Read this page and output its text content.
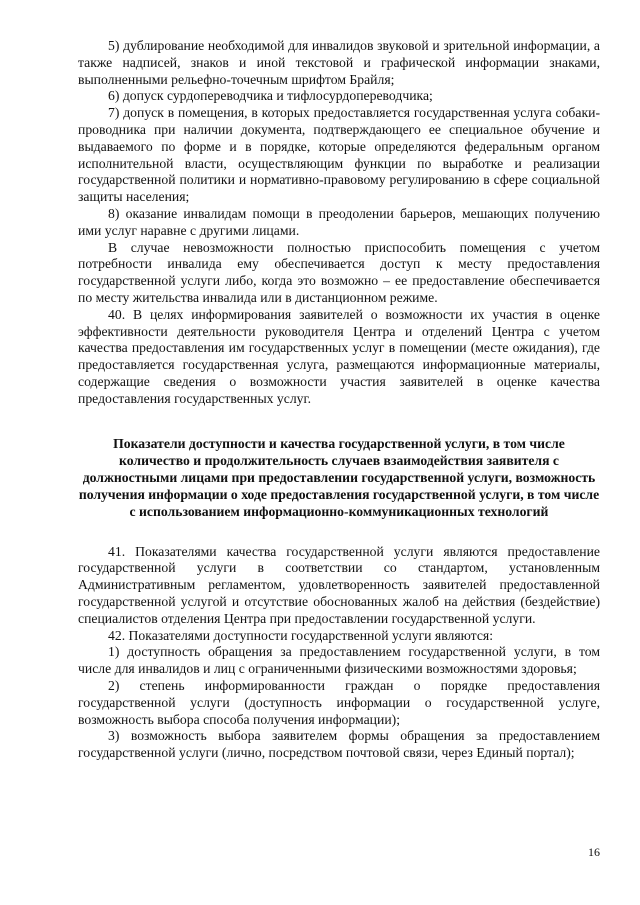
5) дублирование необходимой для инвалидов звуковой и зрительной информации, а также надписей, знаков и иной текстовой и графической информации знаками, выполненными рельефно-точечным шрифтом Брайля;

6) допуск сурдопереводчика и тифлосурдопереводчика;

7) допуск в помещения, в которых предоставляется государственная услуга собаки-проводника при наличии документа, подтверждающего ее специальное обучение и выдаваемого по форме и в порядке, которые определяются федеральным органом исполнительной власти, осуществляющим функции по выработке и реализации государственной политики и нормативно-правовому регулированию в сфере социальной защиты населения;

8) оказание инвалидам помощи в преодолении барьеров, мешающих получению ими услуг наравне с другими лицами.

В случае невозможности полностью приспособить помещения с учетом потребности инвалида ему обеспечивается доступ к месту предоставления государственной услуги либо, когда это возможно – ее предоставление обеспечивается по месту жительства инвалида или в дистанционном режиме.

40. В целях информирования заявителей о возможности их участия в оценке эффективности деятельности руководителя Центра и отделений Центра с учетом качества предоставления им государственных услуг в помещении (месте ожидания), где предоставляется государственная услуга, размещаются информационные материалы, содержащие сведения о возможности участия заявителей в оценке качества предоставления государственных услуг.

Показатели доступности и качества государственной услуги, в том числе количество и продолжительность случаев взаимодействия заявителя с должностными лицами при предоставлении государственной услуги, возможность получения информации о ходе предоставления государственной услуги, в том числе с использованием информационно-коммуникационных технологий

41. Показателями качества государственной услуги являются предоставление государственной услуги в соответствии со стандартом, установленным Административным регламентом, удовлетворенность заявителей предоставленной государственной услугой и отсутствие обоснованных жалоб на действия (бездействие) специалистов отделения Центра при предоставлении государственной услуги.

42. Показателями доступности государственной услуги являются:

1) доступность обращения за предоставлением государственной услуги, в том числе для инвалидов и лиц с ограниченными физическими возможностями здоровья;

2) степень информированности граждан о порядке предоставления государственной услуги (доступность информации о государственной услуге, возможность выбора способа получения информации);

3) возможность выбора заявителем формы обращения за предоставлением государственной услуги (лично, посредством почтовой связи, через Единый портал);

16
